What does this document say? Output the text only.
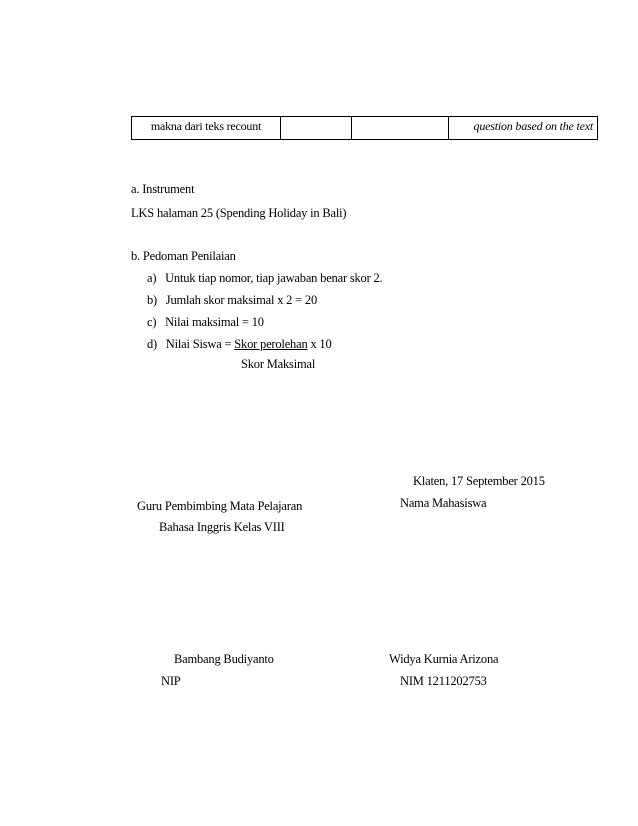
makna dari teks recount			question based on the text
a. Instrument
LKS halaman 25 (Spending Holiday in Bali)
b. Pedoman Penilaian
a)   Untuk tiap nomor, tiap jawaban benar skor 2.
b)   Jumlah skor maksimal x 2 = 20
c)   Nilai maksimal = 10
d)   Nilai Siswa = Skor perolehan x 10
Skor Maksimal
Klaten, 17 September 2015
Guru Pembimbing Mata Pelajaran	Nama Mahasiswa
Bahasa Inggris Kelas VIII
Bambang Budiyanto	Widya Kurnia Arizona
NIP	NIM 1211202753
